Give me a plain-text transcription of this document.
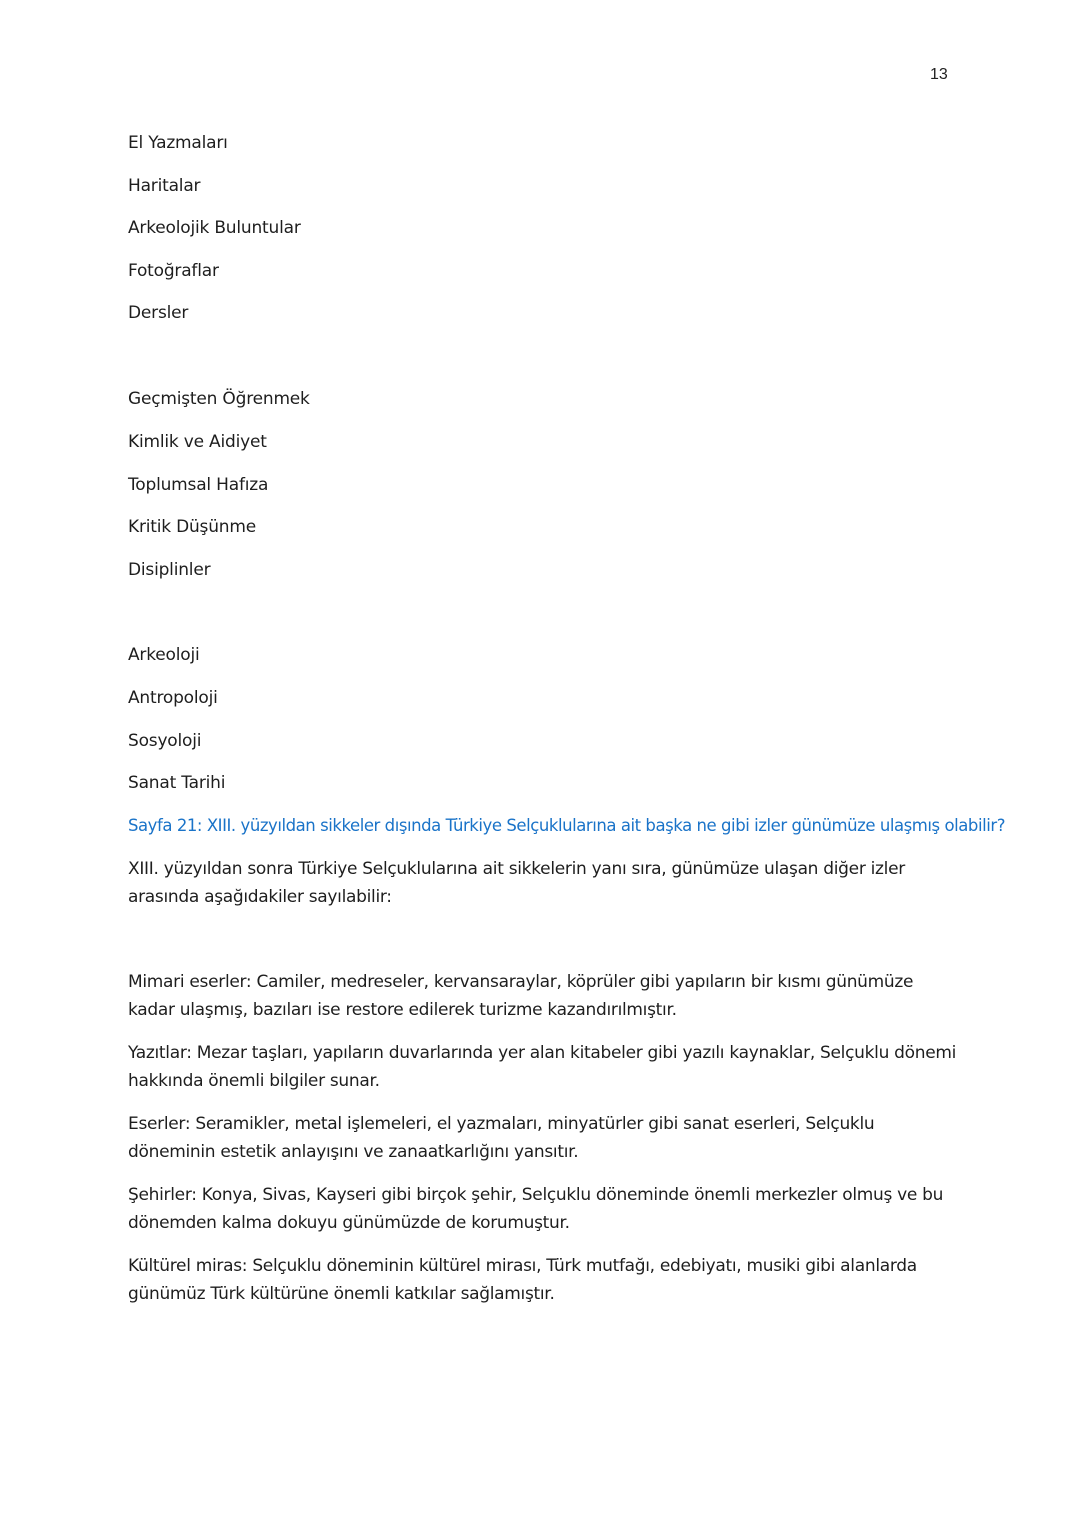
13
El Yazmaları
Haritalar
Arkeolojik Buluntular
Fotoğraflar
Dersler
Geçmişten Öğrenmek
Kimlik ve Aidiyet
Toplumsal Hafıza
Kritik Düşünme
Disiplinler
Arkeoloji
Antropoloji
Sosyoloji
Sanat Tarihi
Sayfa 21: XIII. yüzyıldan sikkeler dışında Türkiye Selçuklularına ait başka ne gibi izler günümüze ulaşmış olabilir?
XIII. yüzyıldan sonra Türkiye Selçuklularına ait sikkelerin yanı sıra, günümüze ulaşan diğer izler arasında aşağıdakiler sayılabilir:
Mimari eserler: Camiler, medreseler, kervansaraylar, köprüler gibi yapıların bir kısmı günümüze kadar ulaşmış, bazıları ise restore edilerek turizme kazandırılmıştır.
Yazıtlar: Mezar taşları, yapıların duvarlarında yer alan kitabeler gibi yazılı kaynaklar, Selçuklu dönemi hakkında önemli bilgiler sunar.
Eserler: Seramikler, metal işlemeleri, el yazmaları, minyatürler gibi sanat eserleri, Selçuklu döneminin estetik anlayışını ve zanaatkarlığını yansıtır.
Şehirler: Konya, Sivas, Kayseri gibi birçok şehir, Selçuklu döneminde önemli merkezler olmuş ve bu dönemden kalma dokuyu günümüzde de korumuştur.
Kültürel miras: Selçuklu döneminin kültürel mirası, Türk mutfağı, edebiyatı, musiki gibi alanlarda günümüz Türk kültürüne önemli katkılar sağlamıştır.
